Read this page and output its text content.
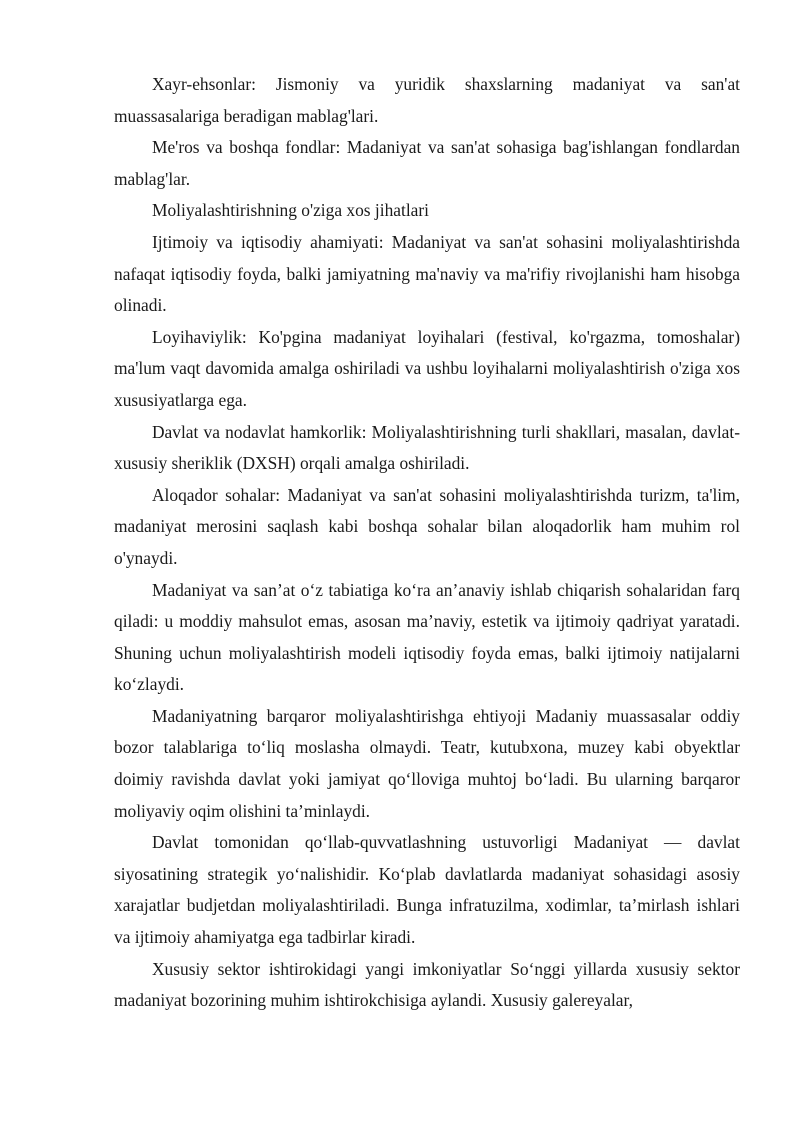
Xayr-ehsonlar: Jismoniy va yuridik shaxslarning madaniyat va san'at muassasalariga beradigan mablag'lari.

Me'ros va boshqa fondlar: Madaniyat va san'at sohasiga bag'ishlangan fondlardan mablag'lar.

Moliyalashtirishning o'ziga xos jihatlari

Ijtimoiy va iqtisodiy ahamiyati: Madaniyat va san'at sohasini moliyalashtirishda nafaqat iqtisodiy foyda, balki jamiyatning ma'naviy va ma'rifiy rivojlanishi ham hisobga olinadi.

Loyihaviylik: Ko'pgina madaniyat loyihalari (festival, ko'rgazma, tomoshalar) ma'lum vaqt davomida amalga oshiriladi va ushbu loyihalarni moliyalashtirish o'ziga xos xususiyatlarga ega.

Davlat va nodavlat hamkorlik: Moliyalashtirishning turli shakllari, masalan, davlat-xususiy sheriklik (DXSH) orqali amalga oshiriladi.

Aloqador sohalar: Madaniyat va san'at sohasini moliyalashtirishda turizm, ta'lim, madaniyat merosini saqlash kabi boshqa sohalar bilan aloqadorlik ham muhim rol o'ynaydi.

Madaniyat va san’at o‘z tabiatiga ko‘ra an’anaviy ishlab chiqarish sohalaridan farq qiladi: u moddiy mahsulot emas, asosan ma’naviy, estetik va ijtimoiy qadriyat yaratadi. Shuning uchun moliyalashtirish modeli iqtisodiy foyda emas, balki ijtimoiy natijalarni ko‘zlaydi.

Madaniyatning barqaror moliyalashtirishga ehtiyoji Madaniy muassasalar oddiy bozor talablariga to‘liq moslasha olmaydi. Teatr, kutubxona, muzey kabi obyektlar doimiy ravishda davlat yoki jamiyat qo‘lloviga muhtoj bo‘ladi. Bu ularning barqaror moliyaviy oqim olishini ta’minlaydi.

Davlat tomonidan qo‘llab-quvvatlashning ustuvorligi Madaniyat — davlat siyosatining strategik yo‘nalishidir. Ko‘plab davlatlarda madaniyat sohasidagi asosiy xarajatlar budjetdan moliyalashtiriladi. Bunga infratuzilma, xodimlar, ta’mirlash ishlari va ijtimoiy ahamiyatga ega tadbirlar kiradi.

Xususiy sektor ishtirokidagi yangi imkoniyatlar So‘nggi yillarda xususiy sektor madaniyat bozorining muhim ishtirokchisiga aylandi. Xususiy galereyalar,
